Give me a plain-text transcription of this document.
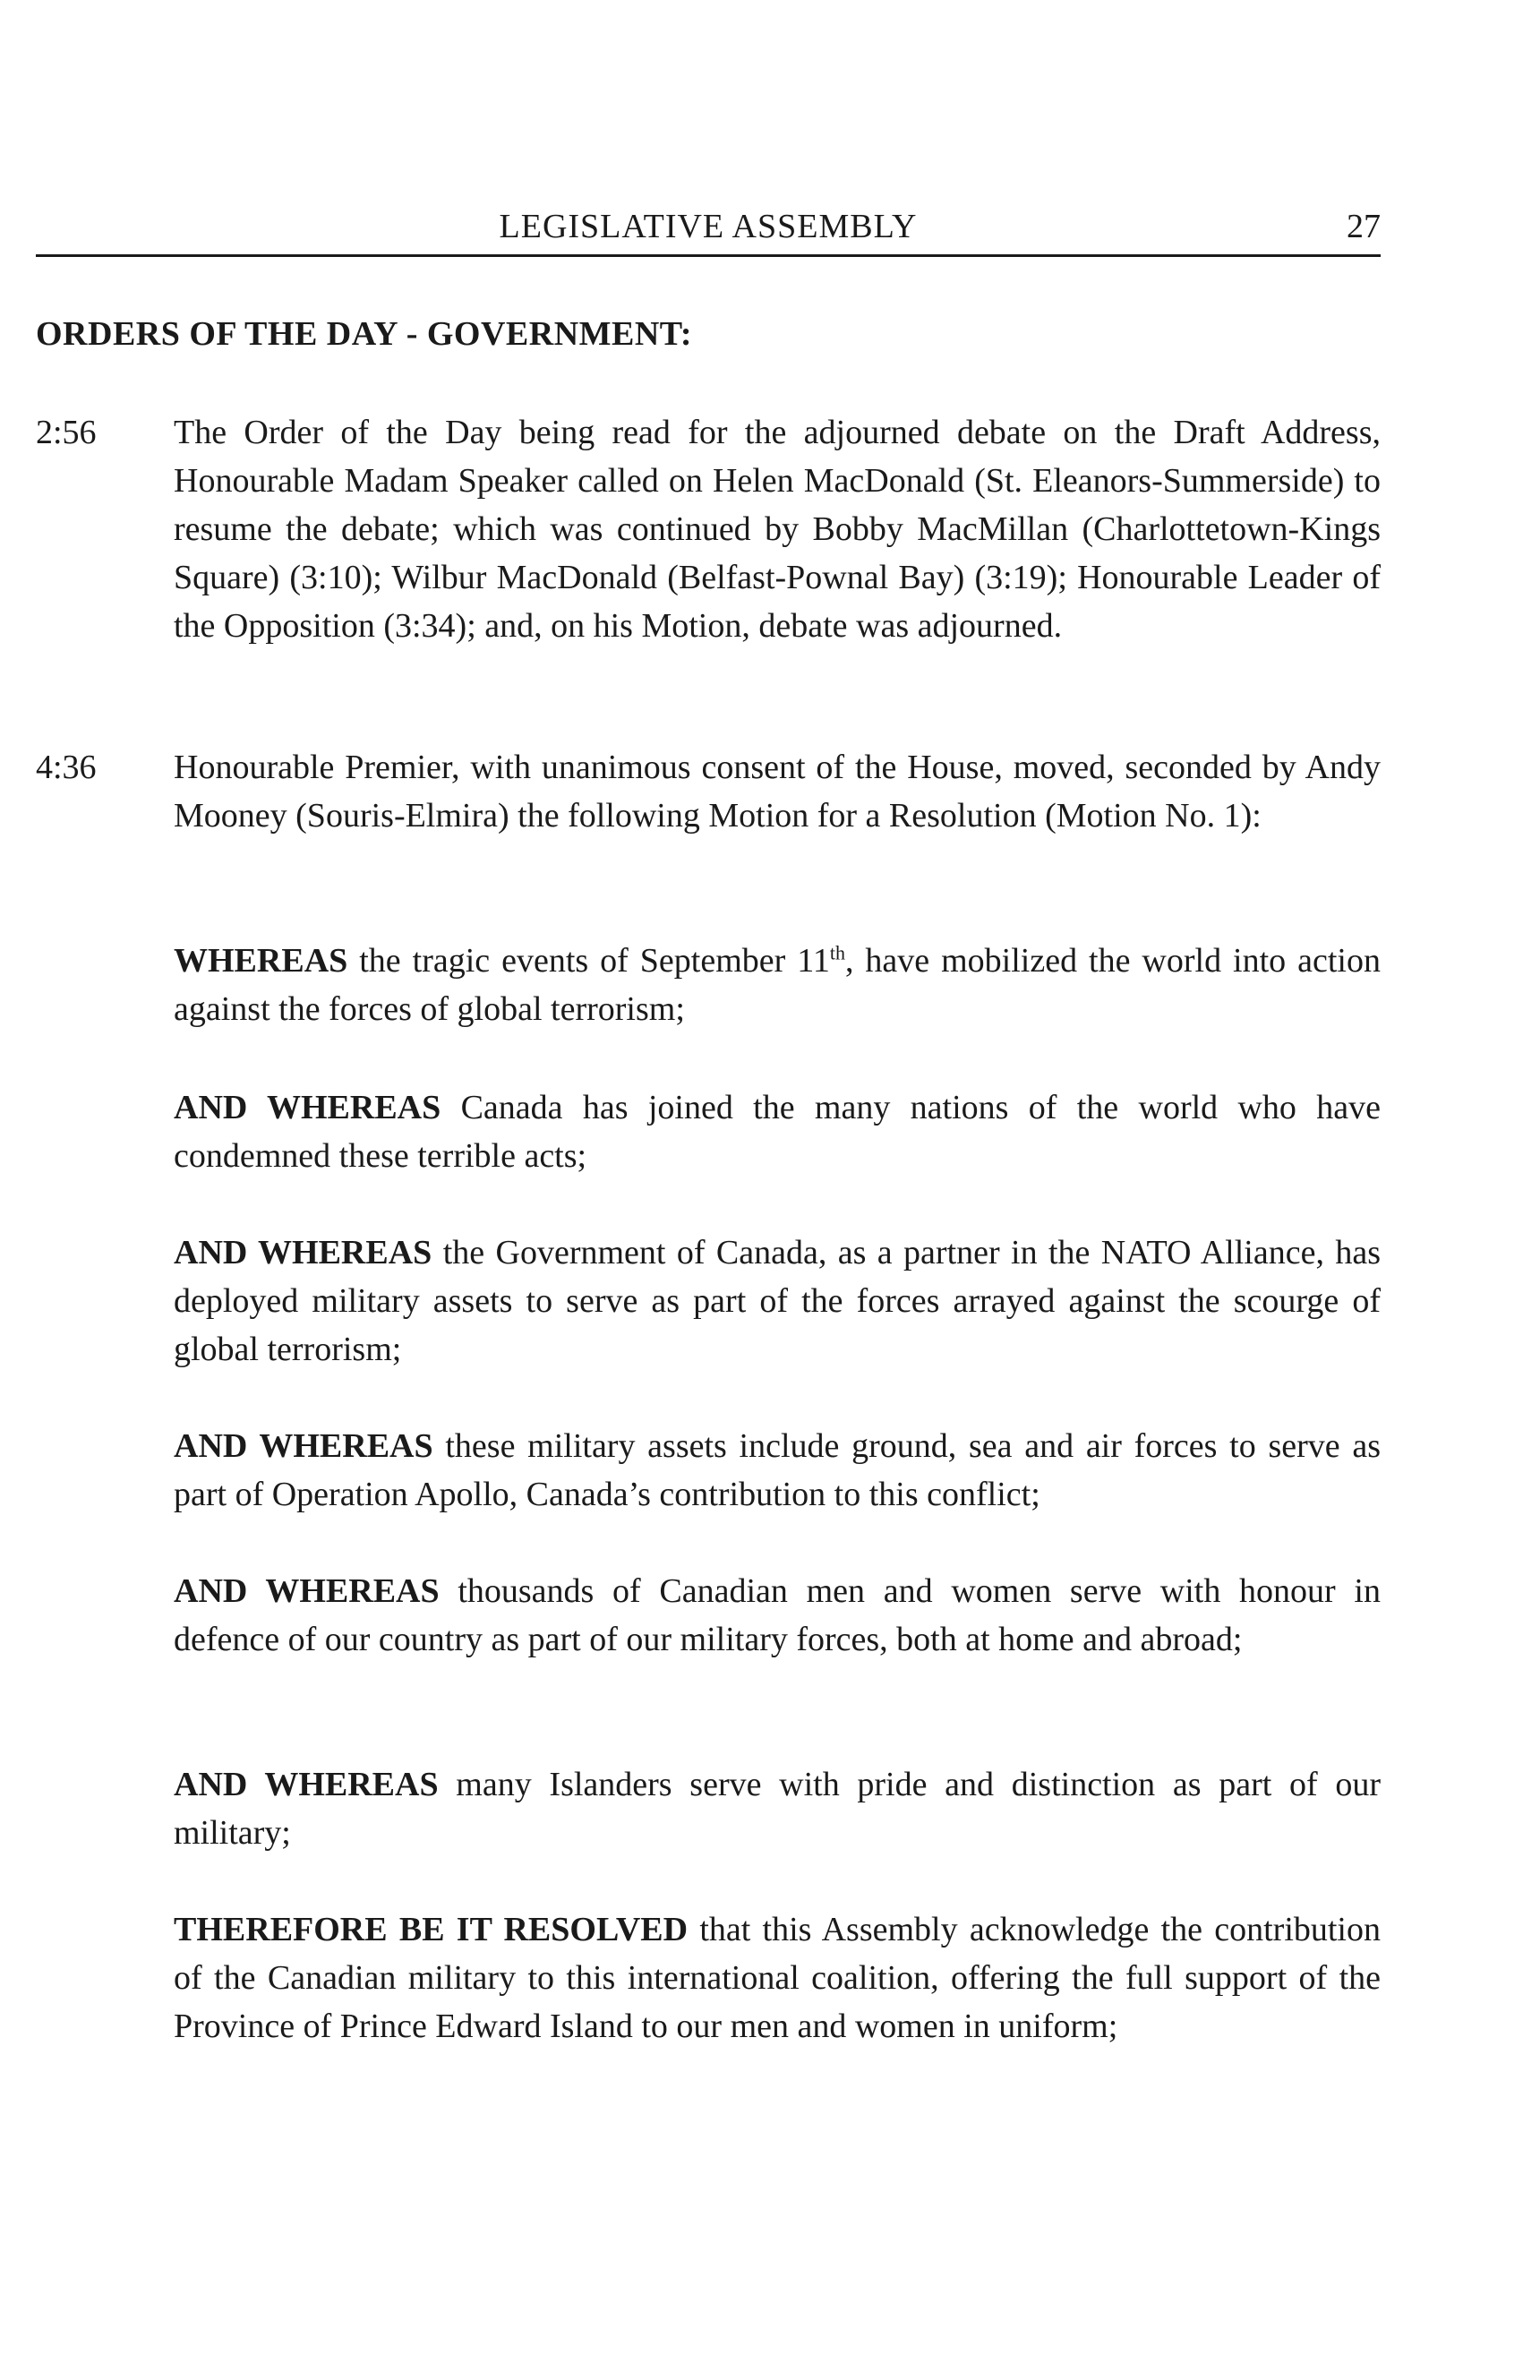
LEGISLATIVE ASSEMBLY	27
ORDERS OF THE DAY - GOVERNMENT:
2:56 The Order of the Day being read for the adjourned debate on the Draft Address, Honourable Madam Speaker called on Helen MacDonald (St. Eleanors-Summerside) to resume the debate; which was continued by Bobby MacMillan (Charlottetown-Kings Square) (3:10); Wilbur MacDonald (Belfast-Pownal Bay) (3:19); Honourable Leader of the Opposition (3:34); and, on his Motion, debate was adjourned.
4:36 Honourable Premier, with unanimous consent of the House, moved, seconded by Andy Mooney (Souris-Elmira) the following Motion for a Resolution (Motion No. 1):
WHEREAS the tragic events of September 11th, have mobilized the world into action against the forces of global terrorism;
AND WHEREAS Canada has joined the many nations of the world who have condemned these terrible acts;
AND WHEREAS the Government of Canada, as a partner in the NATO Alliance, has deployed military assets to serve as part of the forces arrayed against the scourge of global terrorism;
AND WHEREAS these military assets include ground, sea and air forces to serve as part of Operation Apollo, Canada’s contribution to this conflict;
AND WHEREAS thousands of Canadian men and women serve with honour in defence of our country as part of our military forces, both at home and abroad;
AND WHEREAS many Islanders serve with pride and distinction as part of our military;
THEREFORE BE IT RESOLVED that this Assembly acknowledge the contribution of the Canadian military to this international coalition, offering the full support of the Province of Prince Edward Island to our men and women in uniform;
